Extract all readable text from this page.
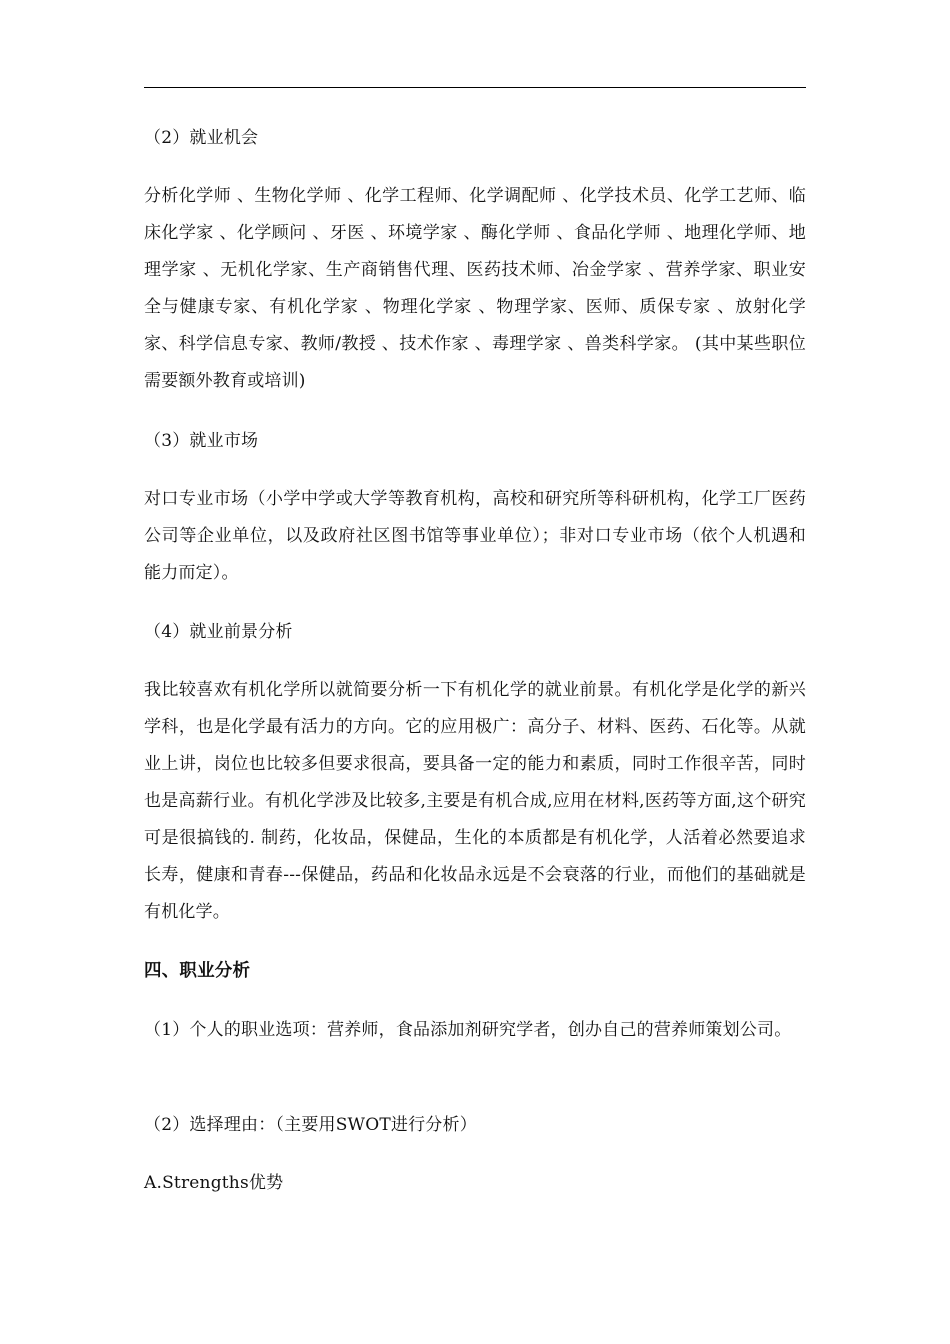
（2）就业机会

分析化学师 、生物化学师 、化学工程师、化学调配师 、化学技术员、化学工艺师、临床化学家 、化学顾问 、牙医 、环境学家 、酶化学师 、食品化学师 、地理化学师、地理学家 、无机化学家、生产商销售代理、医药技术师、冶金学家 、营养学家、职业安全与健康专家、有机化学家 、物理化学家 、物理学家、医师、质保专家 、放射化学家、科学信息专家、教师/教授 、技术作家 、毒理学家 、兽类科学家。 (其中某些职位需要额外教育或培训)

（3）就业市场

对口专业市场（小学中学或大学等教育机构，高校和研究所等科研机构，化学工厂医药公司等企业单位，以及政府社区图书馆等事业单位）；非对口专业市场（依个人机遇和能力而定）。

（4）就业前景分析

我比较喜欢有机化学所以就简要分析一下有机化学的就业前景。有机化学是化学的新兴学科，也是化学最有活力的方向。它的应用极广：高分子、材料、医药、石化等。从就业上讲，岗位也比较多但要求很高，要具备一定的能力和素质，同时工作很辛苦，同时也是高薪行业。有机化学涉及比较多,主要是有机合成,应用在材料,医药等方面,这个研究可是很搞钱的. 制药，化妆品，保健品，生化的本质都是有机化学，人活着必然要追求长寿，健康和青春---保健品，药品和化妆品永远是不会衰落的行业，而他们的基础就是有机化学。

四、职业分析

（1）个人的职业选项：营养师，食品添加剂研究学者，创办自己的营养师策划公司。

（2）选择理由：（主要用SWOT进行分析）

A.Strengths优势
